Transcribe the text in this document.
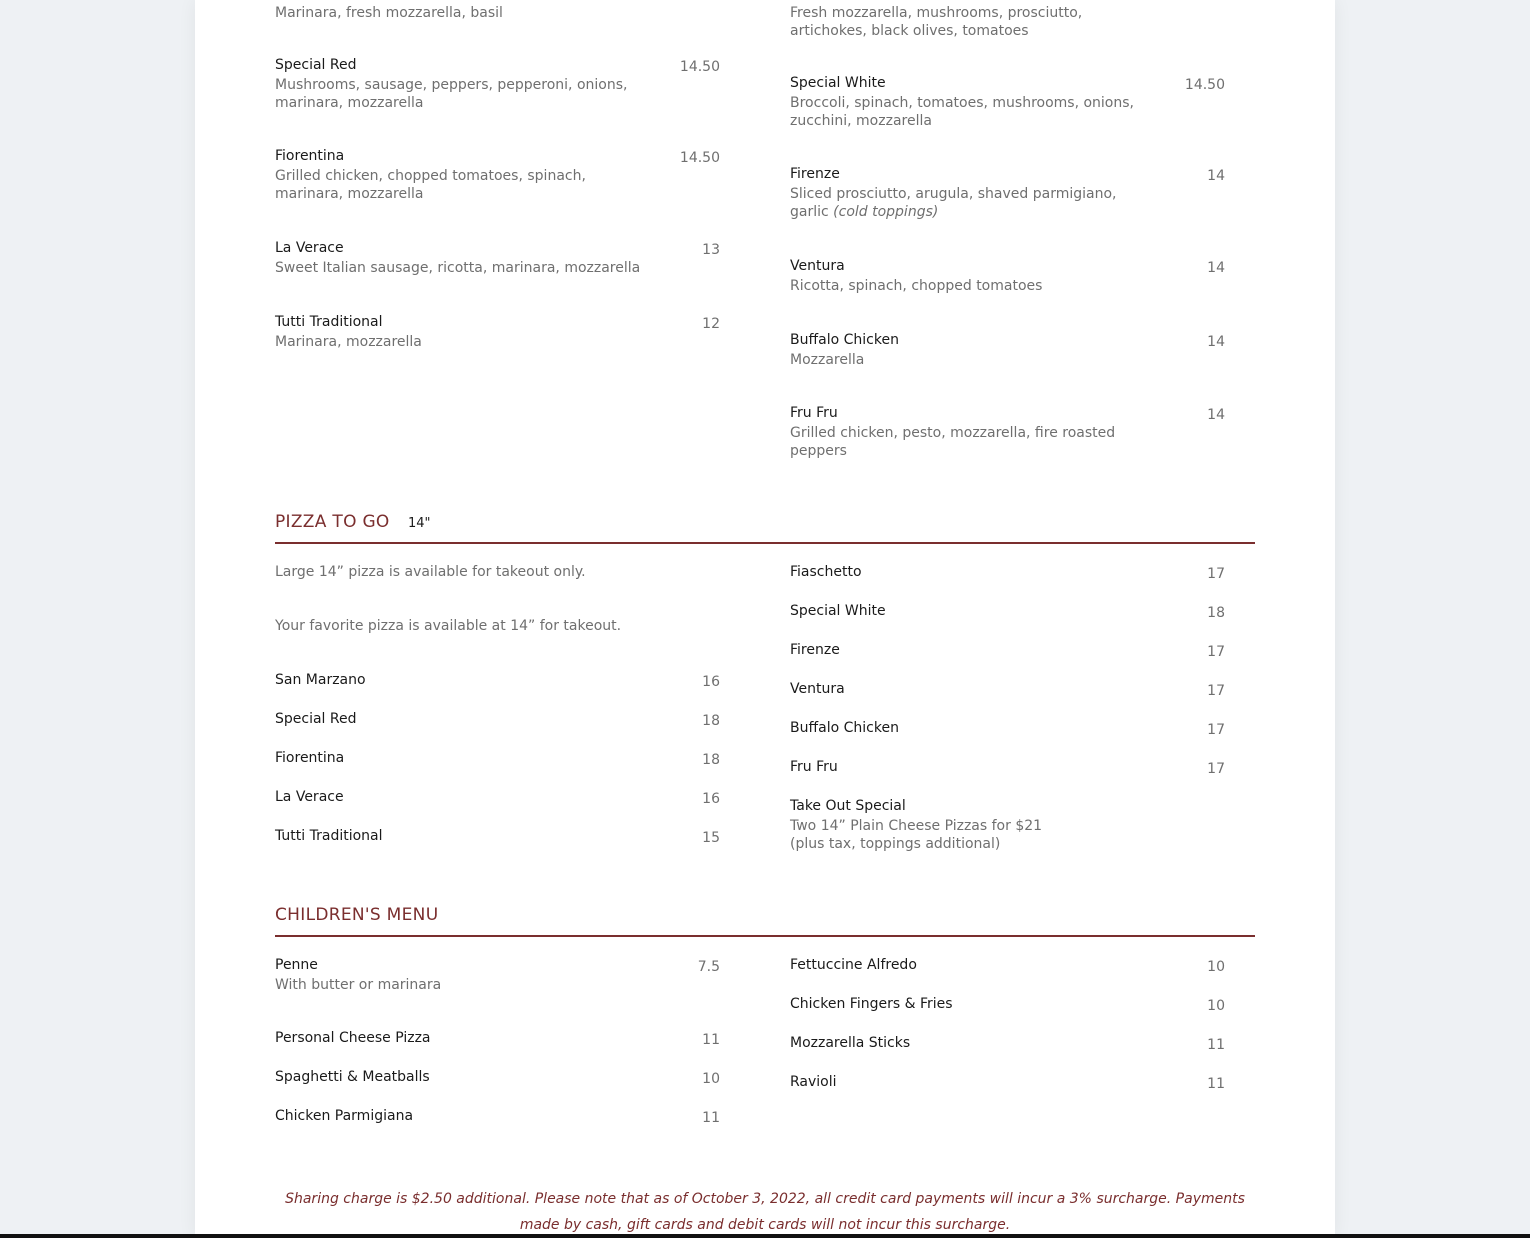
Marinara, fresh mozzarella, basil
Special Red
Mushrooms, sausage, peppers, pepperoni, onions, marinara, mozzarella
14.50
Fiorentina
Grilled chicken, chopped tomatoes, spinach, marinara, mozzarella
14.50
La Verace
Sweet Italian sausage, ricotta, marinara, mozzarella
13
Tutti Traditional
Marinara, mozzarella
12
Fresh mozzarella, mushrooms, prosciutto, artichokes, black olives, tomatoes
Special White
Broccoli, spinach, tomatoes, mushrooms, onions, zucchini, mozzarella
14.50
Firenze
Sliced prosciutto, arugula, shaved parmigiano, garlic (cold toppings)
14
Ventura
Ricotta, spinach, chopped tomatoes
14
Buffalo Chicken
Mozzarella
14
Fru Fru
Grilled chicken, pesto, mozzarella, fire roasted peppers
14
PIZZA TO GO 14"
Large 14” pizza is available for takeout only.
Your favorite pizza is available at 14” for takeout.
San Marzano	16
Special Red	18
Fiorentina	18
La Verace	16
Tutti Traditional	15
Fiaschetto	17
Special White	18
Firenze	17
Ventura	17
Buffalo Chicken	17
Fru Fru	17
Take Out Special
Two 14” Plain Cheese Pizzas for $21
(plus tax, toppings additional)
CHILDREN'S MENU
Penne
With butter or marinara
7.5
Personal Cheese Pizza	11
Spaghetti & Meatballs	10
Chicken Parmigiana	11
Fettuccine Alfredo	10
Chicken Fingers & Fries	10
Mozzarella Sticks	11
Ravioli	11
Sharing charge is $2.50 additional. Please note that as of October 3, 2022, all credit card payments will incur a 3% surcharge. Payments made by cash, gift cards and debit cards will not incur this surcharge.
